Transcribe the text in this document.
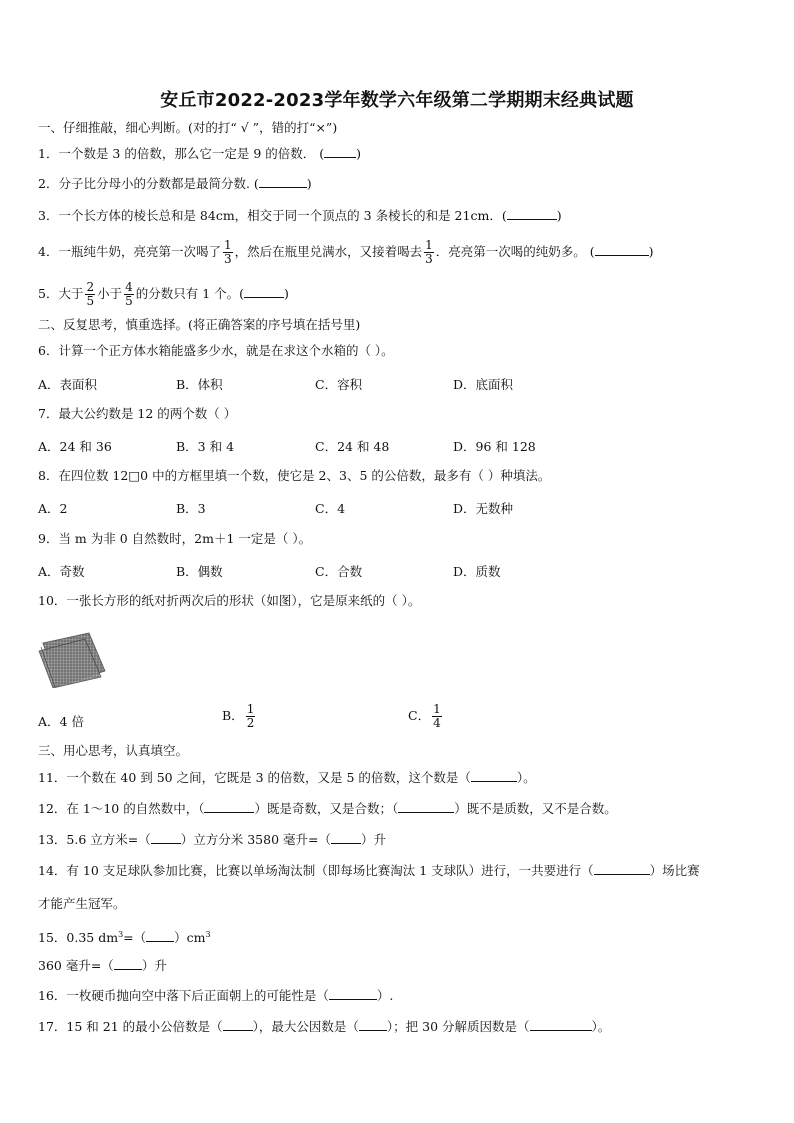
安丘市2022-2023学年数学六年级第二学期期末经典试题
一、仔细推敲，细心判断。(对的打“ √ ”，错的打“×”)
1．一个数是 3 的倍数，那么它一定是 9 的倍数． (	)
2．分子比分母小的分数都是最简分数. (	)
3．一个长方体的棱长总和是 84cm，相交于同一个顶点的 3 条棱长的和是 21cm．(	)
4．一瓶纯牛奶，亮亮第一次喝了 $\frac{1}{3}$ ，然后在瓶里兑满水，又接着喝去 $\frac{1}{3}$ ．亮亮第一次喝的纯奶多。 (	)
5．大于 $\frac{2}{5}$ 小于 $\frac{4}{5}$ 的分数只有 1 个。(	)
二、反复思考，慎重选择。(将正确答案的序号填在括号里)
6．计算一个正方体水箱能盛多少水，就是在求这个水箱的（ ）。
A．表面积	B．体积	C．容积	D．底面积
7．最大公约数是 12 的两个数（ ）
A．24 和 36	B．3 和 4	C．24 和 48	D．96 和 128
8．在四位数 12□0 中的方框里填一个数，使它是 2、3、5 的公倍数，最多有（ ）种填法。
A．2	B．3	C．4	D．无数种
9．当 m 为非 0 自然数时，2m＋1 一定是（ ）。
A．奇数	B．偶数	C．合数	D．质数
10．一张长方形的纸对折两次后的形状（如图），它是原来纸的（ ）。
A．4 倍	B． $\frac{1}{2}$	C． $\frac{1}{4}$
三、用心思考，认真填空。
11．一个数在 40 到 50 之间，它既是 3 的倍数，又是 5 的倍数，这个数是（	）。
12．在 1～10 的自然数中，（	）既是奇数，又是合数；（	）既不是质数，又不是合数。
13．5.6 立方米=（ ）立方分米 3580 毫升=（ ）升
14．有 10 支足球队参加比赛，比赛以单场淘汰制（即每场比赛淘汰 1 支球队）进行，一共要进行（	）场比赛
才能产生冠军。
15．0.35 $dm^3=$（ ）$cm^3$
360 毫升=（ ）升
16．一枚硬币抛向空中落下后正面朝上的可能性是（	）.
17．15 和 21 的最小公倍数是（ ），最大公因数是（ ）；把 30 分解质因数是（	）。
